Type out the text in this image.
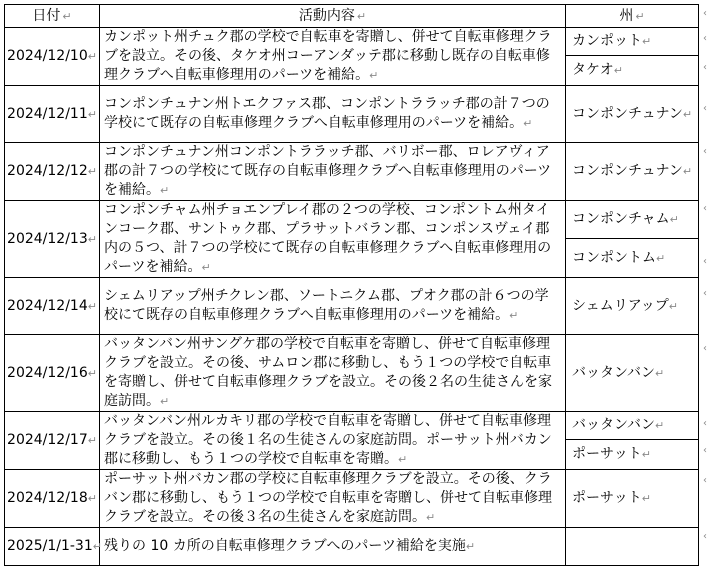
日付 ↵	活動内容 ↵	州 ↵
2024/12/10↵	カンポット州チュク郡の学校で自転車を寄贈し、併せて自転車修理クラブを設立。その後、タケオ州コーアンダッテ郡に移動し既存の自転車修理クラブへ自転車修理用のパーツを補給。↵	カンポット↵
		タケオ↵
2024/12/11↵	コンポンチュナン州トエクファス郡、コンポントララッチ郡の計７つの学校にて既存の自転車修理クラブへ自転車修理用のパーツを補給。↵	コンポンチュナン↵
2024/12/12↵	コンポンチュナン州コンポントララッチ郡、バリボー郡、ロレアヴィア郡の計７つの学校にて既存の自転車修理クラブへ自転車修理用のパーツを補給。↵	コンポンチュナン↵
2024/12/13↵	コンポンチャム州チョエンプレイ郡の２つの学校、コンポントム州タインコーク郡、サントゥク郡、プラサットバラン郡、コンポンスヴェイ郡内の５つ、計７つの学校にて既存の自転車修理クラブへ自転車修理用のパーツを補給。↵	コンポンチャム↵
		コンポントム↵
2024/12/14↵	シェムリアップ州チクレン郡、ソートニクム郡、プオク郡の計６つの学校にて既存の自転車修理クラブへ自転車修理用のパーツを補給。↵	シェムリアップ↵
2024/12/16↵	バッタンバン州サングケ郡の学校で自転車を寄贈し、併せて自転車修理クラブを設立。その後、サムロン郡に移動し、もう１つの学校で自転車を寄贈し、併せて自転車修理クラブを設立。その後２名の生徒さんを家庭訪問。↵	バッタンバン↵
2024/12/17↵	バッタンバン州ルカキリ郡の学校で自転車を寄贈し、併せて自転車修理クラブを設立。その後１名の生徒さんの家庭訪問。ポーサット州バカン郡に移動し、もう１つの学校で自転車を寄贈。↵	バッタンバン↵
		ポーサット↵
2024/12/18↵	ポーサット州バカン郡の学校に自転車修理クラブを設立。その後、クラバン郡に移動し、もう１つの学校で自転車を寄贈し、併せて自転車修理クラブを設立。その後３名の生徒さんを家庭訪問。↵	ポーサット↵
2025/1/1-31↵	残りの 10 カ所の自転車修理クラブへのパーツ補給を実施↵	
‹
‹
‹
‹
‹
‹
‹
‹
‹
‹
‹
‹
‹
